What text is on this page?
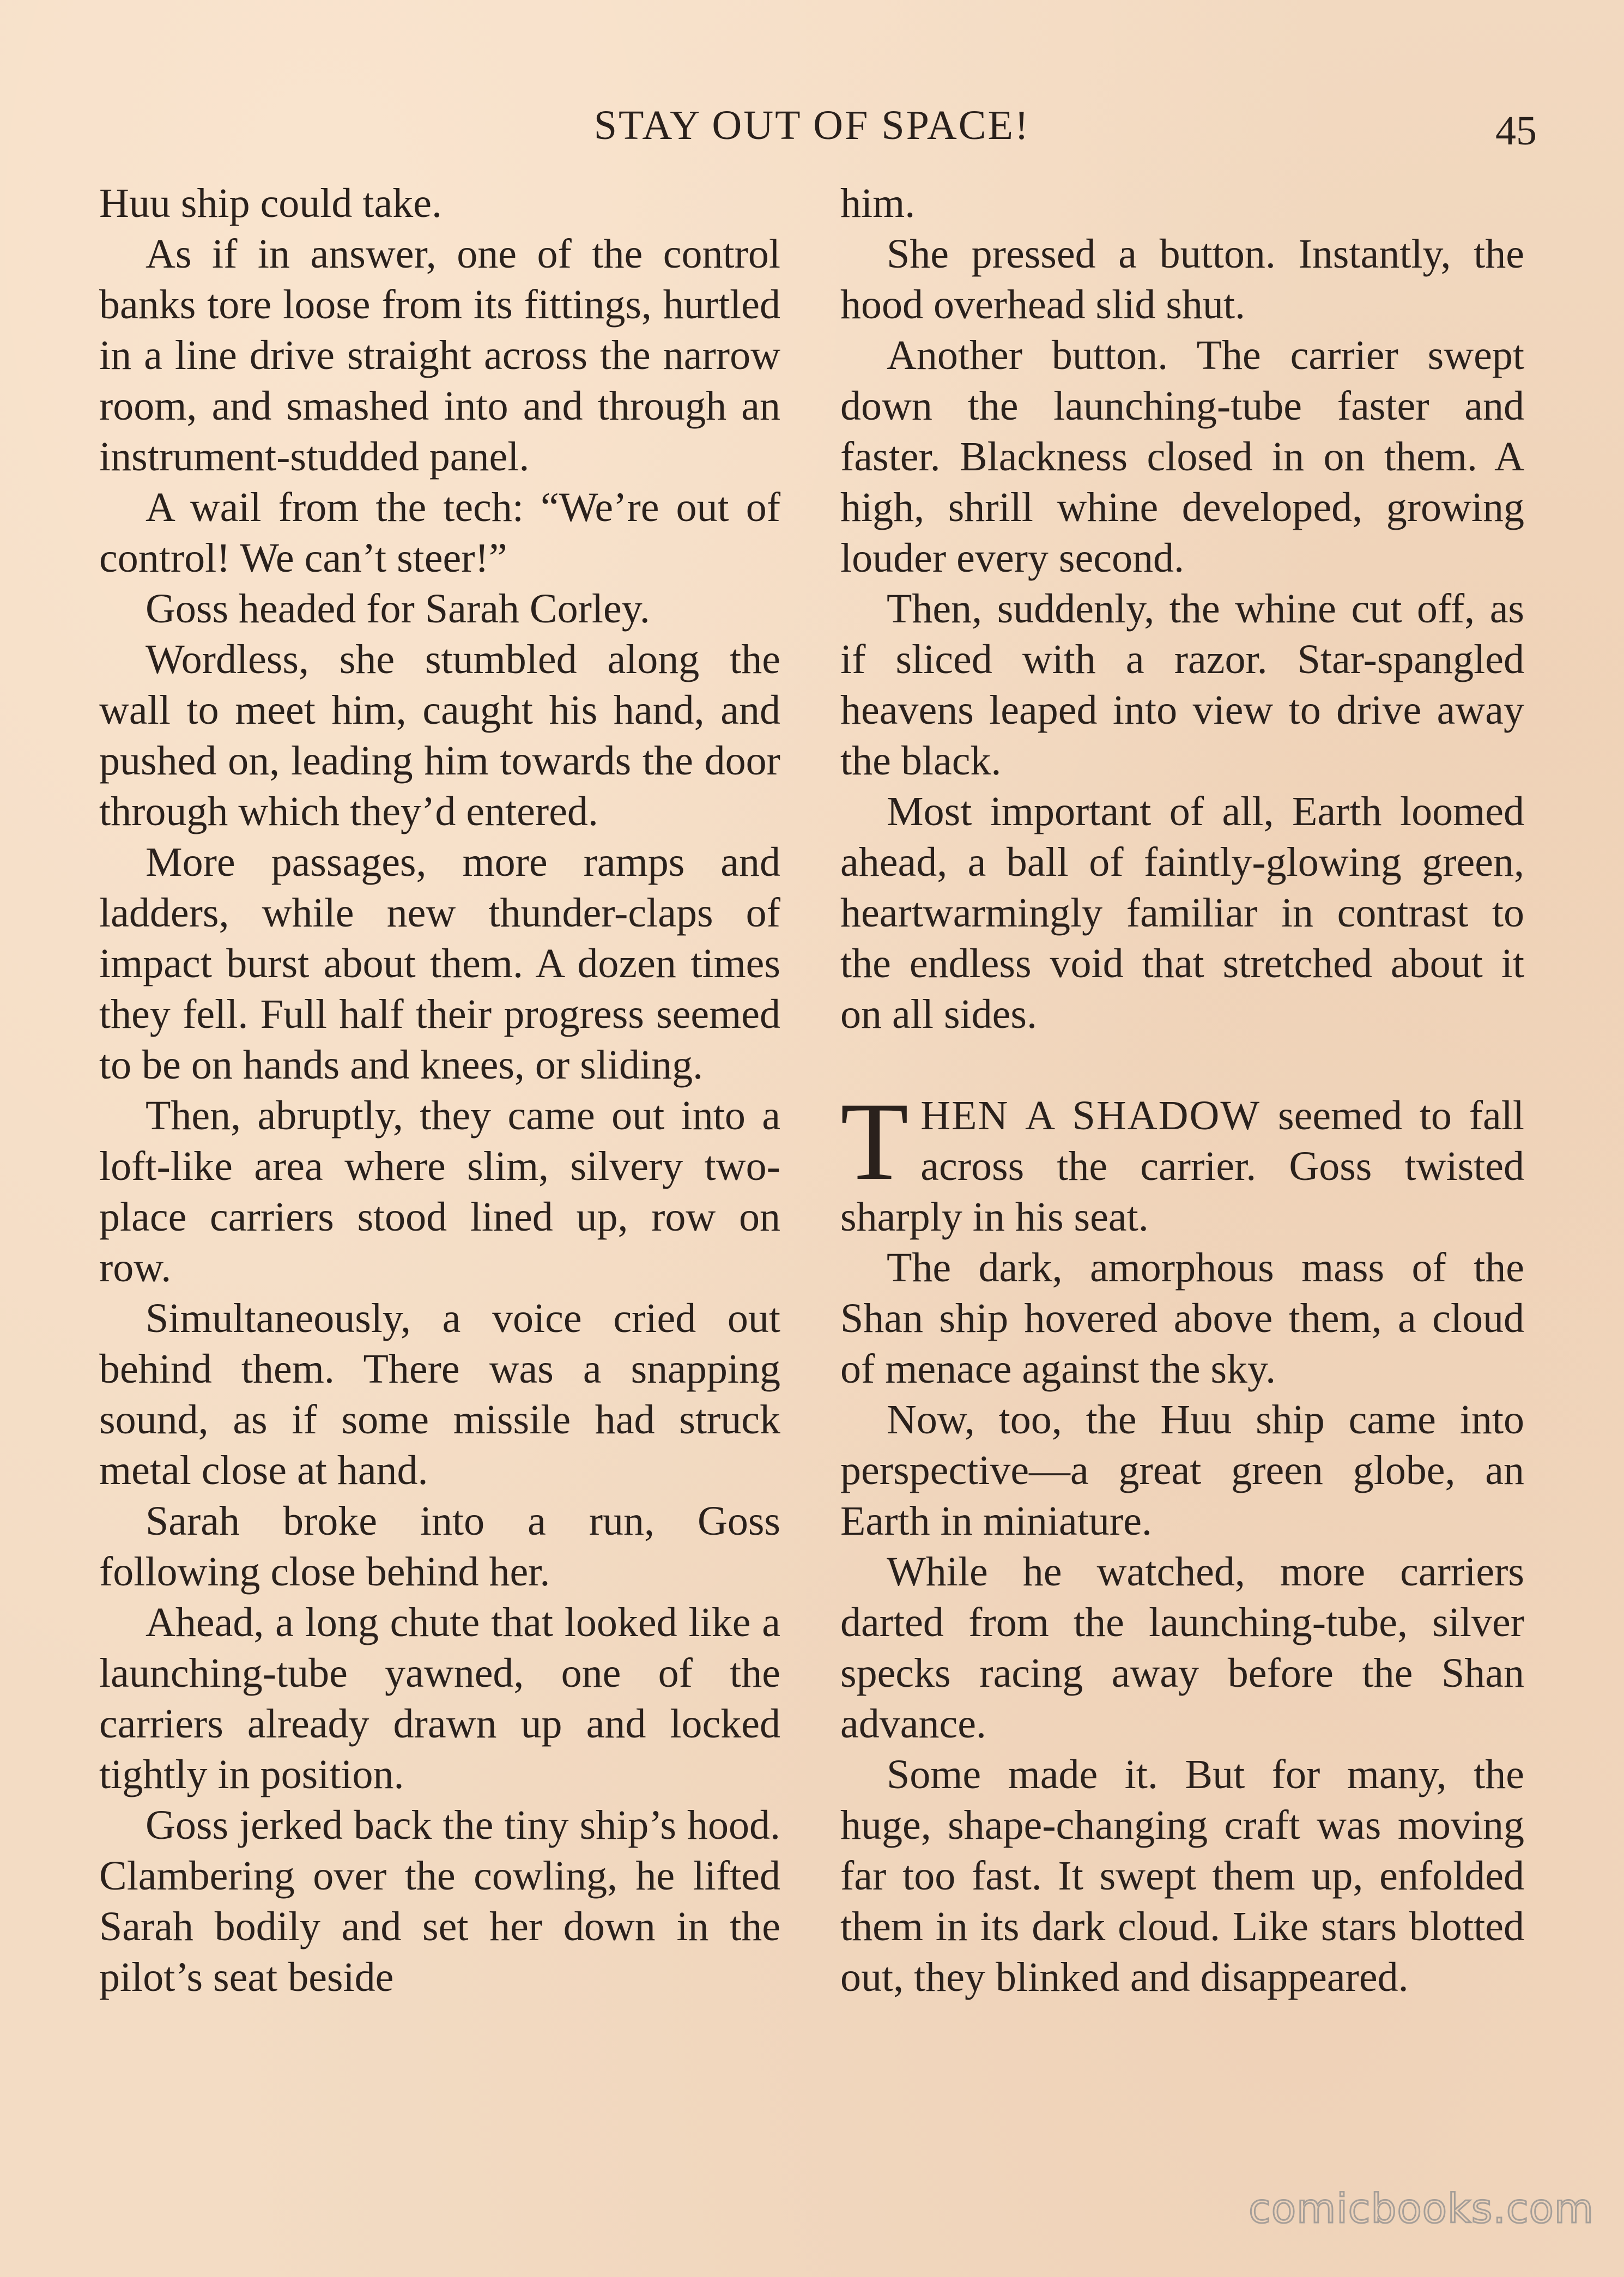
STAY OUT OF SPACE!	45

Huu ship could take.

As if in answer, one of the control banks tore loose from its fittings, hurtled in a line drive straight across the narrow room, and smashed into and through an instrument-studded panel.

A wail from the tech: “We’re out of control! We can’t steer!”

Goss headed for Sarah Corley.

Wordless, she stumbled along the wall to meet him, caught his hand, and pushed on, leading him towards the door through which they’d entered.

More passages, more ramps and ladders, while new thunder-claps of impact burst about them. A dozen times they fell. Full half their progress seemed to be on hands and knees, or sliding.

Then, abruptly, they came out into a loft-like area where slim, silvery two-place carriers stood lined up, row on row.

Simultaneously, a voice cried out behind them. There was a snapping sound, as if some missile had struck metal close at hand.

Sarah broke into a run, Goss following close behind her.

Ahead, a long chute that looked like a launching-tube yawned, one of the carriers already drawn up and locked tightly in position.

Goss jerked back the tiny ship’s hood. Clambering over the cowling, he lifted Sarah bodily and set her down in the pilot’s seat beside

him.

She pressed a button. Instantly, the hood overhead slid shut.

Another button. The carrier swept down the launching-tube faster and faster. Blackness closed in on them. A high, shrill whine developed, growing louder every second.

Then, suddenly, the whine cut off, as if sliced with a razor. Star-spangled heavens leaped into view to drive away the black.

Most important of all, Earth loomed ahead, a ball of faintly-glowing green, heartwarmingly familiar in contrast to the endless void that stretched about it on all sides.

THEN A SHADOW seemed to fall across the carrier. Goss twisted sharply in his seat.

The dark, amorphous mass of the Shan ship hovered above them, a cloud of menace against the sky.

Now, too, the Huu ship came into perspective—a great green globe, an Earth in miniature.

While he watched, more carriers darted from the launching-tube, silver specks racing away before the Shan advance.

Some made it. But for many, the huge, shape-changing craft was moving far too fast. It swept them up, enfolded them in its dark cloud. Like stars blotted out, they blinked and disappeared.

comicbooks.com
